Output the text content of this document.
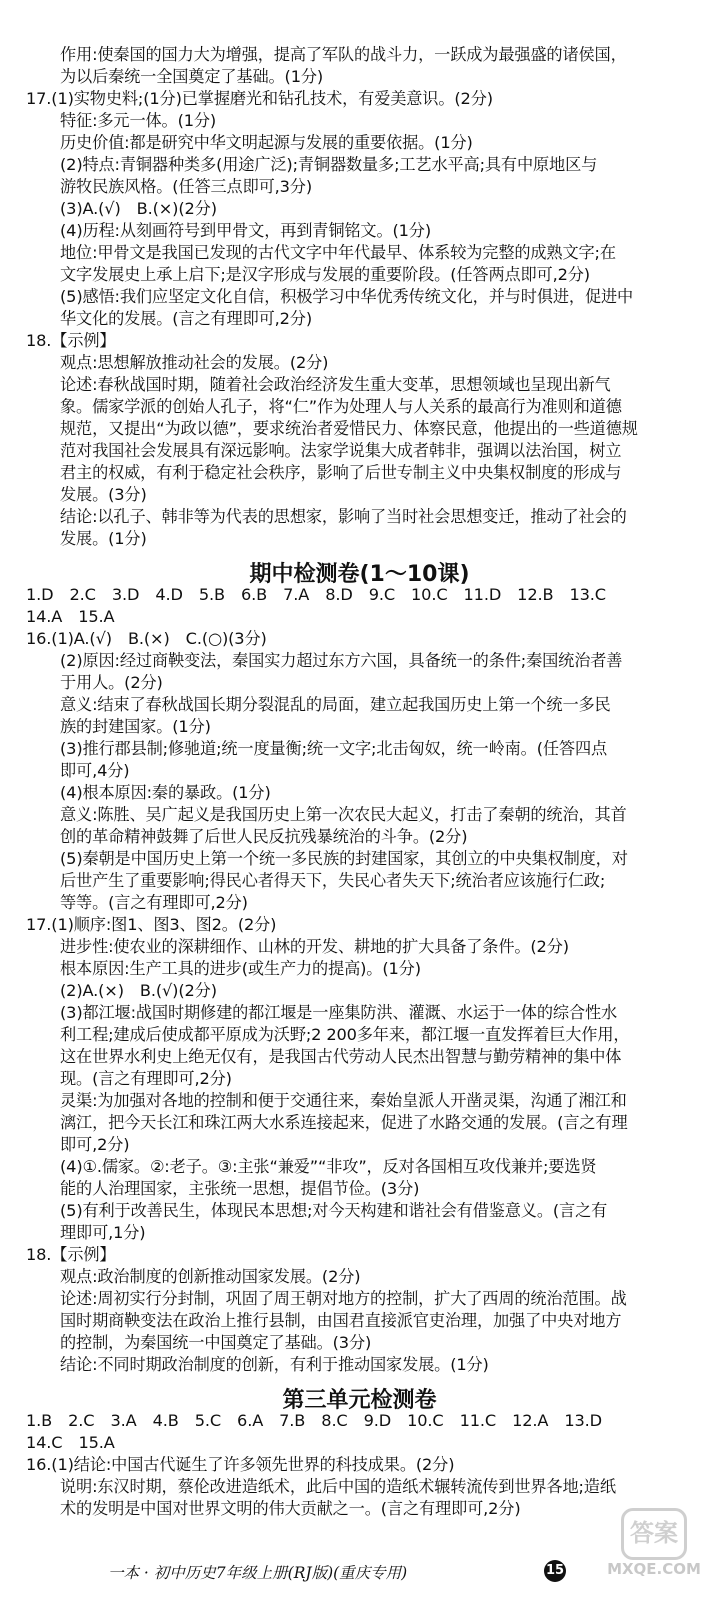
作用:使秦国的国力大为增强，提高了军队的战斗力，一跃成为最强盛的诸侯国，
为以后秦统一全国奠定了基础。(1分)
17.(1)实物史料;(1分)已掌握磨光和钻孔技术，有爱美意识。(2分)
特征:多元一体。(1分)
历史价值:都是研究中华文明起源与发展的重要依据。(1分)
(2)特点:青铜器种类多(用途广泛);青铜器数量多;工艺水平高;具有中原地区与
游牧民族风格。(任答三点即可,3分)
(3)A.(√)　B.(×)(2分)
(4)历程:从刻画符号到甲骨文，再到青铜铭文。(1分)
地位:甲骨文是我国已发现的古代文字中年代最早、体系较为完整的成熟文字;在
文字发展史上承上启下;是汉字形成与发展的重要阶段。(任答两点即可,2分)
(5)感悟:我们应坚定文化自信，积极学习中华优秀传统文化，并与时俱进，促进中
华文化的发展。(言之有理即可,2分)
18.【示例】
观点:思想解放推动社会的发展。(2分)
论述:春秋战国时期，随着社会政治经济发生重大变革，思想领域也呈现出新气
象。儒家学派的创始人孔子，将“仁”作为处理人与人关系的最高行为准则和道德
规范，又提出“为政以德”，要求统治者爱惜民力、体察民意，他提出的一些道德规
范对我国社会发展具有深远影响。法家学说集大成者韩非，强调以法治国，树立
君主的权威，有利于稳定社会秩序，影响了后世专制主义中央集权制度的形成与
发展。(3分)
结论:以孔子、韩非等为代表的思想家，影响了当时社会思想变迁，推动了社会的
发展。(1分)
1.D　2.C　3.D　4.D　5.B　6.B　7.A　8.D　9.C　10.C　11.D　12.B　13.C
14.A　15.A
16.(1)A.(√)　B.(×)　C.(○)(3分)
(2)原因:经过商鞅变法，秦国实力超过东方六国，具备统一的条件;秦国统治者善
于用人。(2分)
意义:结束了春秋战国长期分裂混乱的局面，建立起我国历史上第一个统一多民
族的封建国家。(1分)
(3)推行郡县制;修驰道;统一度量衡;统一文字;北击匈奴，统一岭南。(任答四点
即可,4分)
(4)根本原因:秦的暴政。(1分)
意义:陈胜、吴广起义是我国历史上第一次农民大起义，打击了秦朝的统治，其首
创的革命精神鼓舞了后世人民反抗残暴统治的斗争。(2分)
(5)秦朝是中国历史上第一个统一多民族的封建国家，其创立的中央集权制度，对
后世产生了重要影响;得民心者得天下，失民心者失天下;统治者应该施行仁政;
等等。(言之有理即可,2分)
17.(1)顺序:图1、图3、图2。(2分)
进步性:使农业的深耕细作、山林的开发、耕地的扩大具备了条件。(2分)
根本原因:生产工具的进步(或生产力的提高)。(1分)
(2)A.(×)　B.(√)(2分)
(3)都江堰:战国时期修建的都江堰是一座集防洪、灌溉、水运于一体的综合性水
利工程;建成后使成都平原成为沃野;2 200多年来，都江堰一直发挥着巨大作用，
这在世界水利史上绝无仅有，是我国古代劳动人民杰出智慧与勤劳精神的集中体
现。(言之有理即可,2分)
灵渠:为加强对各地的控制和便于交通往来，秦始皇派人开凿灵渠，沟通了湘江和
漓江，把今天长江和珠江两大水系连接起来，促进了水路交通的发展。(言之有理
即可,2分)
(4)①.儒家。②:老子。③:主张“兼爱”“非攻”，反对各国相互攻伐兼并;要选贤
能的人治理国家，主张统一思想，提倡节俭。(3分)
(5)有利于改善民生，体现民本思想;对今天构建和谐社会有借鉴意义。(言之有
理即可,1分)
18.【示例】
观点:政治制度的创新推动国家发展。(2分)
论述:周初实行分封制，巩固了周王朝对地方的控制，扩大了西周的统治范围。战
国时期商鞅变法在政治上推行县制，由国君直接派官吏治理，加强了中央对地方
的控制，为秦国统一中国奠定了基础。(3分)
结论:不同时期政治制度的创新，有利于推动国家发展。(1分)
1.B　2.C　3.A　4.B　5.C　6.A　7.B　8.C　9.D　10.C　11.C　12.A　13.D
14.C　15.A
16.(1)结论:中国古代诞生了许多领先世界的科技成果。(2分)
说明:东汉时期，蔡伦改进造纸术，此后中国的造纸术辗转流传到世界各地;造纸
术的发明是中国对世界文明的伟大贡献之一。(言之有理即可,2分)
期中检测卷(1～10课)
第三单元检测卷
一本 · 初中历史7年级上册(RJ版)(重庆专用)	15
答案
MXQE.COM
